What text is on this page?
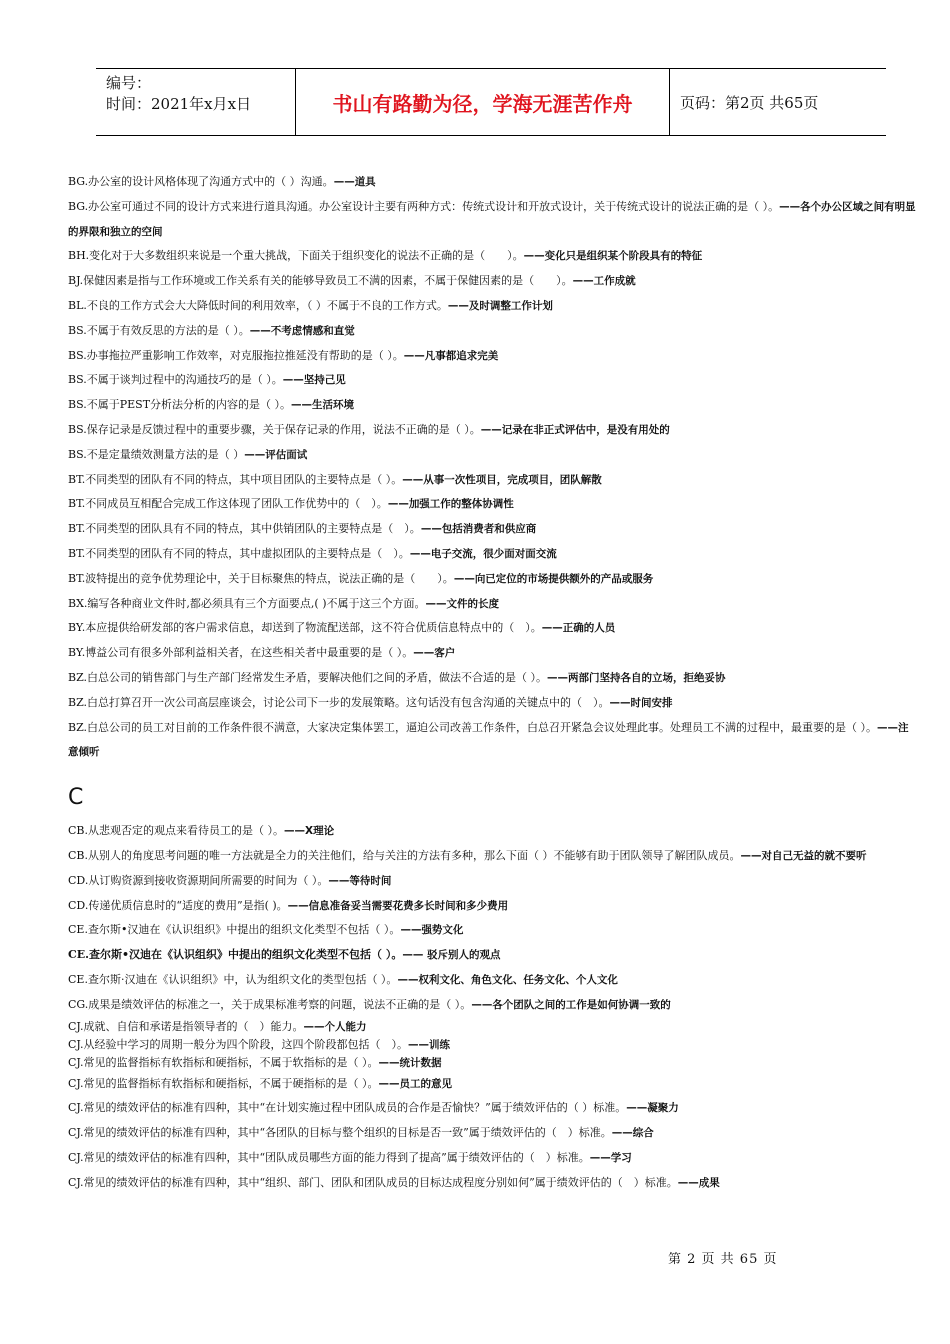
编号：
时间：2021年x月x日	书山有路勤为径，学海无涯苦作舟	页码：第2页 共65页

BG.办公室的设计风格体现了沟通方式中的（ ）沟通。——道具

BG.办公室可通过不同的设计方式来进行道具沟通。办公室设计主要有两种方式：传统式设计和开放式设计，关于传统式设计的说法正确的是（ ）。——各个办公区域之间有明显的界限和独立的空间

BH.变化对于大多数组织来说是一个重大挑战，下面关于组织变化的说法不正确的是（　　）。——变化只是组织某个阶段具有的特征

BJ.保健因素是指与工作环境或工作关系有关的能够导致员工不满的因素，不属于保健因素的是（　　）。——工作成就

BL.不良的工作方式会大大降低时间的利用效率，（ ）不属于不良的工作方式。——及时调整工作计划

BS.不属于有效反思的方法的是（ ）。——不考虑情感和直觉

BS.办事拖拉严重影响工作效率，对克服拖拉推延没有帮助的是（ ）。——凡事都追求完美

BS.不属于谈判过程中的沟通技巧的是（ ）。——坚持己见

BS.不属于PEST分析法分析的内容的是（ ）。——生活环境

BS.保存记录是反馈过程中的重要步骤，关于保存记录的作用，说法不正确的是（ ）。——记录在非正式评估中，是没有用处的

BS.不是定量绩效测量方法的是（ ）——评估面试

BT.不同类型的团队有不同的特点，其中项目团队的主要特点是（ ）。——从事一次性项目，完成项目，团队解散

BT.不同成员互相配合完成工作这体现了团队工作优势中的（　）。——加强工作的整体协调性

BT.不同类型的团队具有不同的特点，其中供销团队的主要特点是（　）。——包括消费者和供应商

BT.不同类型的团队有不同的特点，其中虚拟团队的主要特点是（　）。——电子交流，很少面对面交流

BT.波特提出的竞争优势理论中，关于目标聚焦的特点，说法正确的是（　　）。——向已定位的市场提供额外的产品或服务

BX.编写各种商业文件时,都必须具有三个方面要点,( )不属于这三个方面。——文件的长度

BY.本应提供给研发部的客户需求信息，却送到了物流配送部，这不符合优质信息特点中的（　）。——正确的人员

BY.博益公司有很多外部利益相关者，在这些相关者中最重要的是（ ）。——客户

BZ.白总公司的销售部门与生产部门经常发生矛盾，要解决他们之间的矛盾，做法不合适的是（ ）。——两部门坚持各自的立场，拒绝妥协

BZ.白总打算召开一次公司高层座谈会，讨论公司下一步的发展策略。这句话没有包含沟通的关键点中的（　）。——时间安排

BZ.白总公司的员工对目前的工作条件很不满意，大家决定集体罢工，逼迫公司改善工作条件，白总召开紧急会议处理此事。处理员工不满的过程中，最重要的是（ ）。——注意倾听

C

CB.从悲观否定的观点来看待员工的是（ ）。——X理论

CB.从别人的角度思考问题的唯一方法就是全力的关注他们，给与关注的方法有多种，那么下面（ ）不能够有助于团队领导了解团队成员。——对自己无益的就不要听

CD.从订购资源到接收资源期间所需要的时间为（ ）。——等待时间

CD.传递优质信息时的“适度的费用”是指( )。——信息准备妥当需要花费多长时间和多少费用

CE.查尔斯•汉迪在《认识组织》中提出的组织文化类型不包括（ ）。——强势文化

CE.查尔斯•汉迪在《认识组织》中提出的组织文化类型不包括（ ）。—— 驳斥别人的观点

CE.查尔斯·汉迪在《认识组织》中，认为组织文化的类型包括（ ）。——权利文化、角色文化、任务文化、个人文化

CG.成果是绩效评估的标准之一，关于成果标准考察的问题，说法不正确的是（ ）。——各个团队之间的工作是如何协调一致的

CJ.成就、自信和承诺是指领导者的（　）能力。——个人能力

CJ.从经验中学习的周期一般分为四个阶段，这四个阶段都包括（　）。——训练

CJ.常见的监督指标有软指标和硬指标，不属于软指标的是（ ）。——统计数据

CJ.常见的监督指标有软指标和硬指标，不属于硬指标的是（ ）。——员工的意见

CJ.常见的绩效评估的标准有四种，其中“在计划实施过程中团队成员的合作是否愉快？”属于绩效评估的（ ）标准。——凝聚力

CJ.常见的绩效评估的标准有四种，其中“各团队的目标与整个组织的目标是否一致”属于绩效评估的（　）标准。——综合

CJ.常见的绩效评估的标准有四种，其中“团队成员哪些方面的能力得到了提高”属于绩效评估的（　）标准。——学习

CJ.常见的绩效评估的标准有四种，其中“组织、部门、团队和团队成员的目标达成程度分别如何”属于绩效评估的（　）标准。——成果

第 2 页 共 65 页
